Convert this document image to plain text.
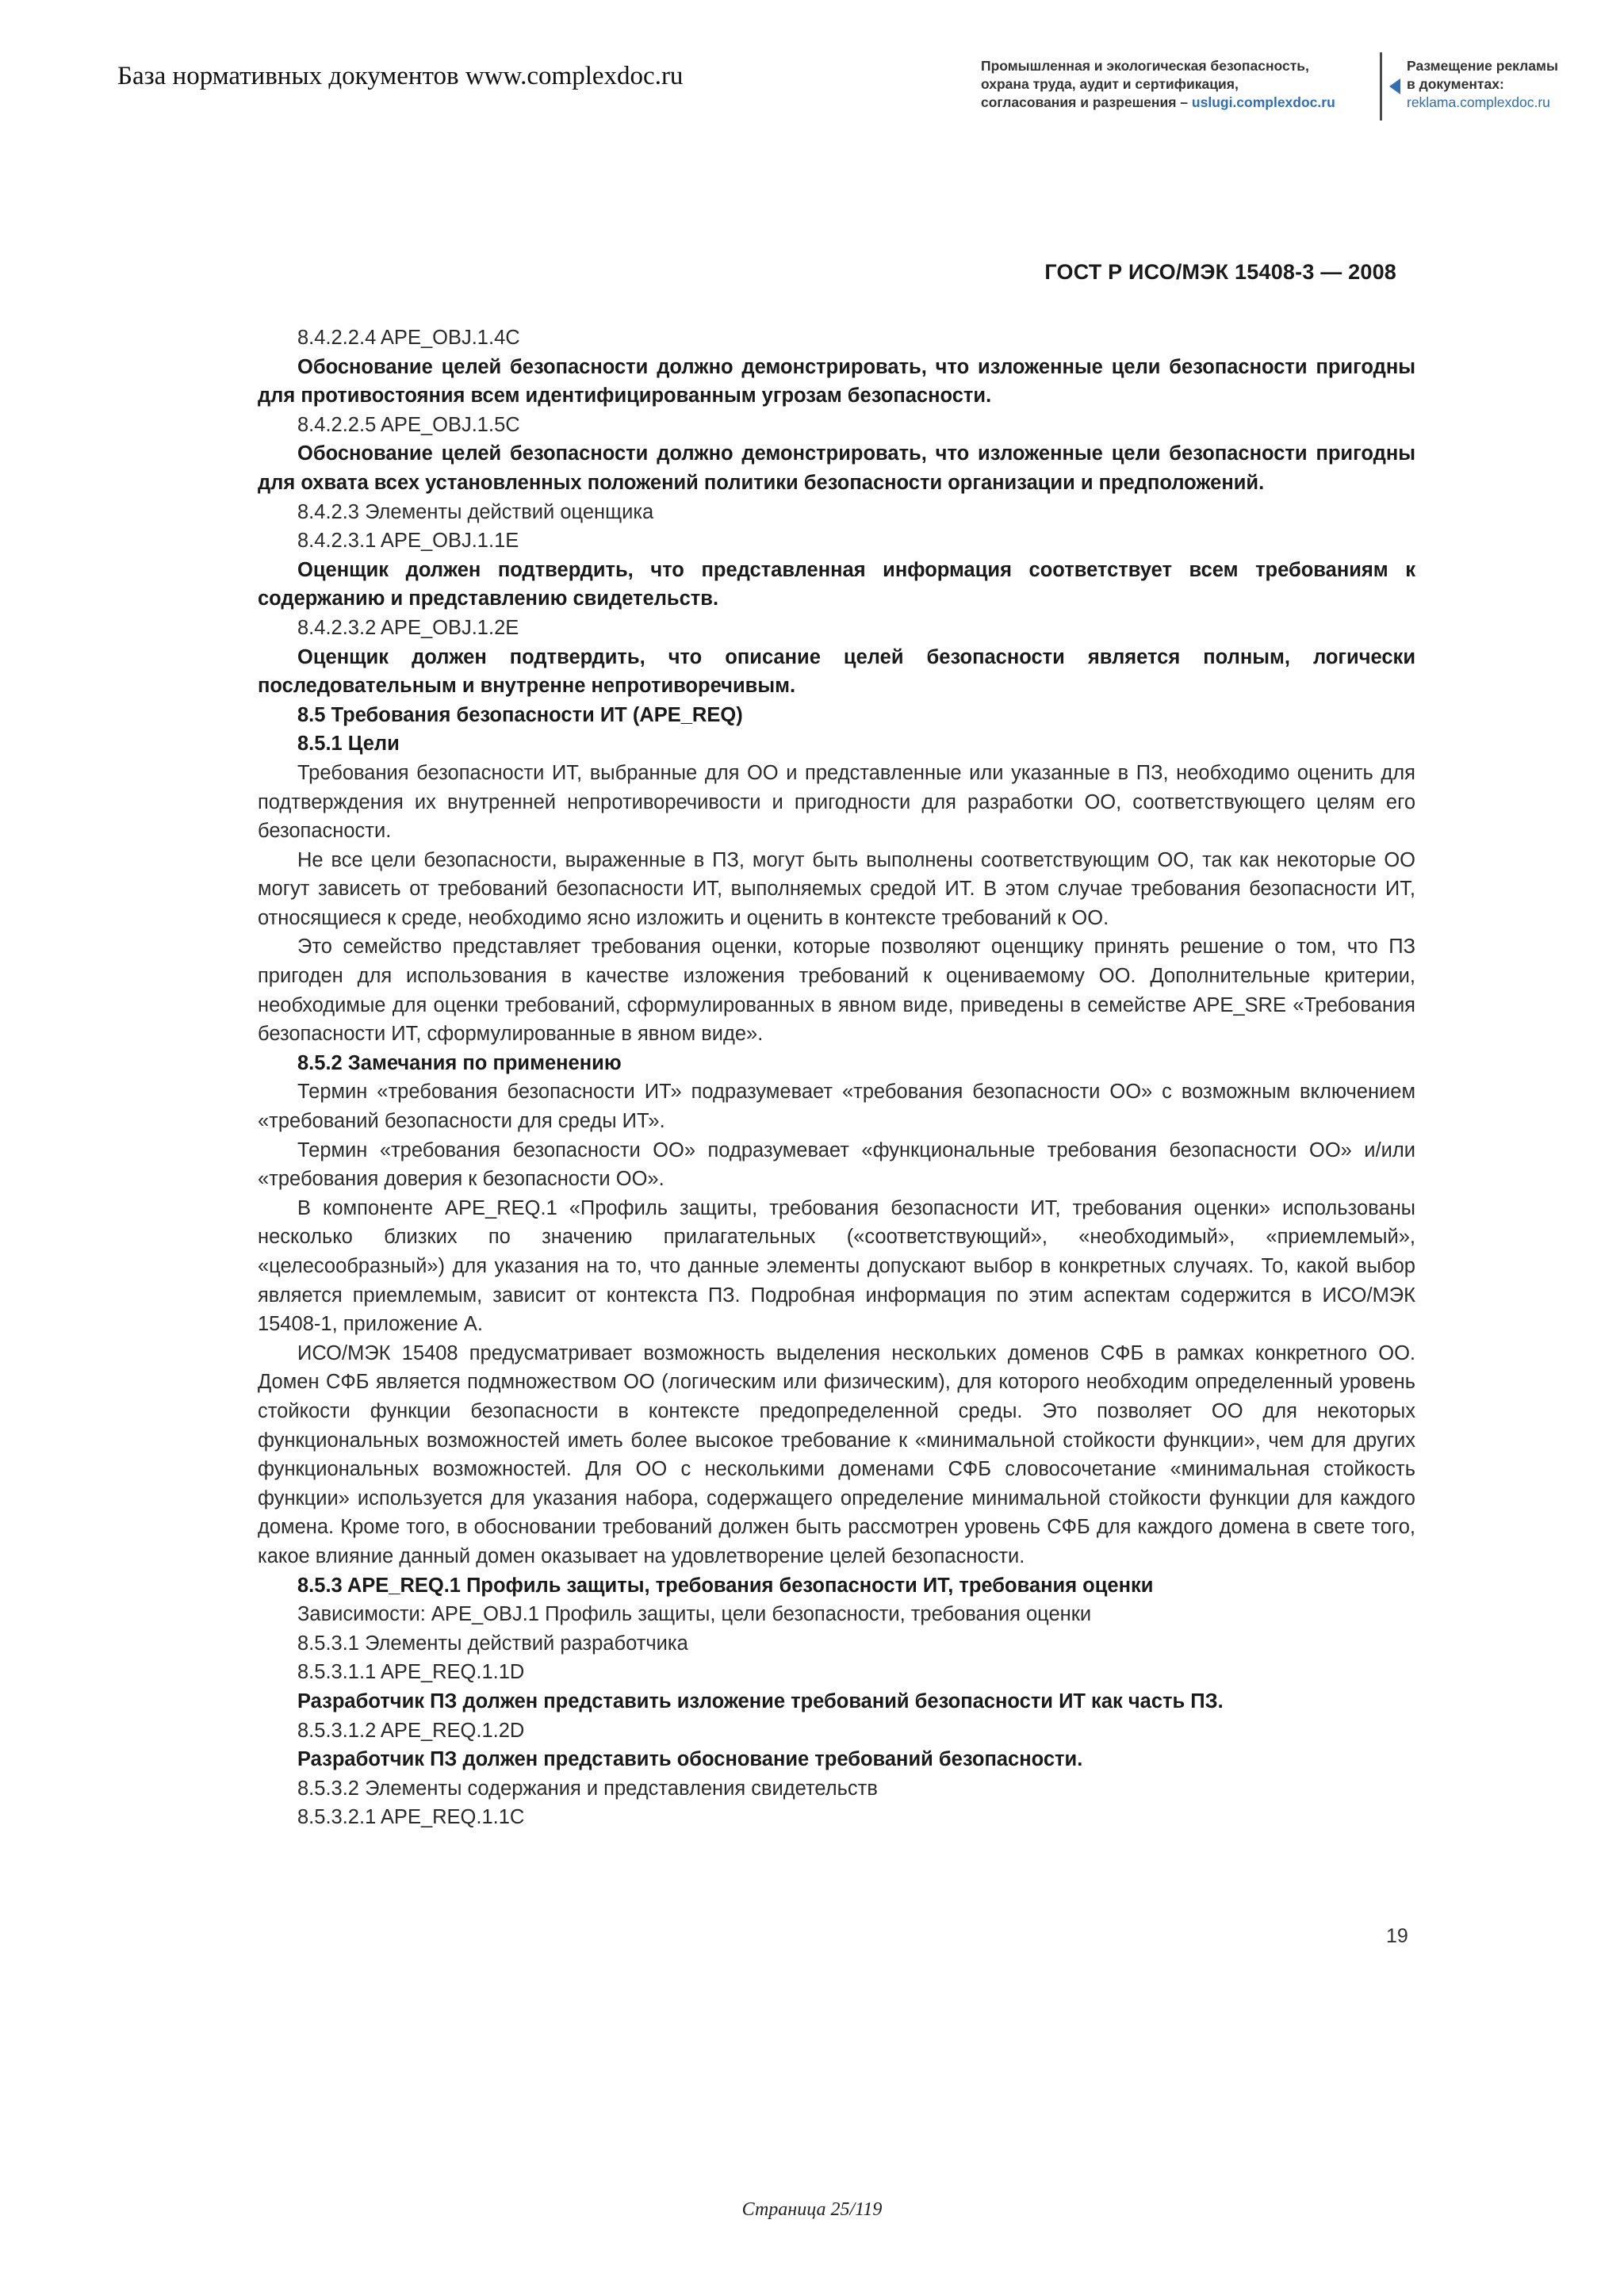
База нормативных документов www.complexdoc.ru	Промышленная и экологическая безопасность,
охрана труда, аудит и сертификация,
согласования и разрешения – uslugi.complexdoc.ru
Размещение рекламы
в документах:
reklama.complexdoc.ru
ГОСТ Р ИСО/МЭК 15408-3 — 2008

8.4.2.2.4 APE_OBJ.1.4C

Обоснование целей безопасности должно демонстрировать, что изложенные цели безопасности пригодны для противостояния всем идентифицированным угрозам безопасности.

8.4.2.2.5 APE_OBJ.1.5C

Обоснование целей безопасности должно демонстрировать, что изложенные цели безопасности пригодны для охвата всех установленных положений политики безопасности организации и предположений.

8.4.2.3 Элементы действий оценщика

8.4.2.3.1 APE_OBJ.1.1E

Оценщик должен подтвердить, что представленная информация соответствует всем требованиям к содержанию и представлению свидетельств.

8.4.2.3.2 APE_OBJ.1.2E

Оценщик должен подтвердить, что описание целей безопасности является полным, логически последовательным и внутренне непротиворечивым.

8.5 Требования безопасности ИТ (APE_REQ)

8.5.1 Цели

Требования безопасности ИТ, выбранные для ОО и представленные или указанные в ПЗ, необходимо оценить для подтверждения их внутренней непротиворечивости и пригодности для разработки ОО, соответствующего целям его безопасности.

Не все цели безопасности, выраженные в ПЗ, могут быть выполнены соответствующим ОО, так как некоторые ОО могут зависеть от требований безопасности ИТ, выполняемых средой ИТ. В этом случае требования безопасности ИТ, относящиеся к среде, необходимо ясно изложить и оценить в контексте требований к ОО.

Это семейство представляет требования оценки, которые позволяют оценщику принять решение о том, что ПЗ пригоден для использования в качестве изложения требований к оцениваемому ОО. Дополнительные критерии, необходимые для оценки требований, сформулированных в явном виде, приведены в семействе APE_SRE «Требования безопасности ИТ, сформулированные в явном виде».

8.5.2 Замечания по применению

Термин «требования безопасности ИТ» подразумевает «требования безопасности ОО» с возможным включением «требований безопасности для среды ИТ».

Термин «требования безопасности ОО» подразумевает «функциональные требования безопасности ОО» и/или «требования доверия к безопасности ОО».

В компоненте APE_REQ.1 «Профиль защиты, требования безопасности ИТ, требования оценки» использованы несколько близких по значению прилагательных («соответствующий», «необходимый», «приемлемый», «целесообразный») для указания на то, что данные элементы допускают выбор в конкретных случаях. То, какой выбор является приемлемым, зависит от контекста ПЗ. Подробная информация по этим аспектам содержится в ИСО/МЭК 15408-1, приложение А.

ИСО/МЭК 15408 предусматривает возможность выделения нескольких доменов СФБ в рамках конкретного ОО. Домен СФБ является подмножеством ОО (логическим или физическим), для которого необходим определенный уровень стойкости функции безопасности в контексте предопределенной среды. Это позволяет ОО для некоторых функциональных возможностей иметь более высокое требование к «минимальной стойкости функции», чем для других функциональных возможностей. Для ОО с несколькими доменами СФБ словосочетание «минимальная стойкость функции» используется для указания набора, содержащего определение минимальной стойкости функции для каждого домена. Кроме того, в обосновании требований должен быть рассмотрен уровень СФБ для каждого домена в свете того, какое влияние данный домен оказывает на удовлетворение целей безопасности.

8.5.3 APE_REQ.1 Профиль защиты, требования безопасности ИТ, требования оценки

Зависимости: APE_OBJ.1 Профиль защиты, цели безопасности, требования оценки

8.5.3.1 Элементы действий разработчика

8.5.3.1.1 APE_REQ.1.1D

Разработчик ПЗ должен представить изложение требований безопасности ИТ как часть ПЗ.

8.5.3.1.2 APE_REQ.1.2D

Разработчик ПЗ должен представить обоснование требований безопасности.

8.5.3.2 Элементы содержания и представления свидетельств

8.5.3.2.1 APE_REQ.1.1C

19
Страница 25/119
